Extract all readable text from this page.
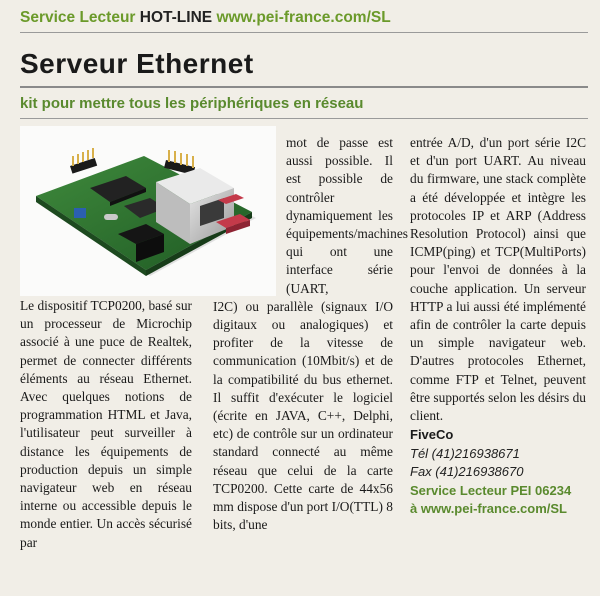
Service Lecteur HOT-LINE www.pei-france.com/SL
Serveur Ethernet
kit pour mettre tous les périphériques en réseau

Le dispositif TCP0200, basé sur un processeur de Microchip associé à une puce de Realtek, permet de connecter différents éléments au réseau Ethernet. Avec quelques notions de programmation HTML et Java, l'utilisateur peut surveiller à distance les équipements de production depuis un simple navigateur web en réseau interne ou accessible depuis le monde entier. Un accès sécurisé par

mot de passe est aussi possible. Il est possible de contrôler dynamiquement les équipements/machines qui ont une interface série (UART,

I2C) ou parallèle (signaux I/O digitaux ou analogiques) et profiter de la vitesse de communication (10Mbit/s) et de la compatibilité du bus ethernet. Il suffit d'exécuter le logiciel (écrite en JAVA, C++, Delphi, etc) de contrôle sur un ordinateur standard connecté au même réseau que celui de la carte TCP0200. Cette carte de 44x56 mm dispose d'un port I/O(TTL) 8 bits, d'une

entrée A/D, d'un port série I2C et d'un port UART. Au niveau du firmware, une stack complète a été développée et intègre les protocoles IP et ARP (Address Resolution Protocol) ainsi que ICMP(ping) et TCP(MultiPorts) pour l'envoi de données à la couche application. Un serveur HTTP a lui aussi été implémenté afin de contrôler la carte depuis un simple navigateur web. D'autres protocoles Ethernet, comme FTP et Telnet, peuvent être supportés selon les désirs du client.

FiveCo
Tél (41)216938671
Fax (41)216938670
Service Lecteur PEI 06234
à www.pei-france.com/SL
